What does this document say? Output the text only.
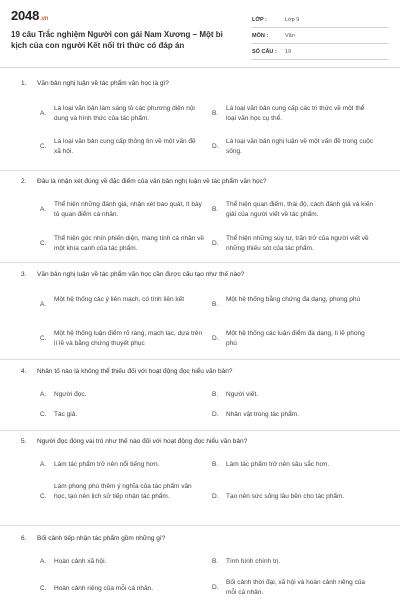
2048.vn
19 câu Trắc nghiệm Người con gái Nam Xương – Một bi kịch của con người Kết nối tri thức có đáp án
LỚP :	Lớp 9
MÔN :	Văn
SỐ CÂU :	19
1. Văn bản nghị luận về tác phẩm văn học là gì?
A.
Là loại văn bản làm sáng tỏ các phương diện nội dung và hình thức của tác phẩm.
B.
Là loại văn bản cung cấp các tri thức về một thể loại văn học cụ thể.
C.
Là loại văn bản cung cấp thông tin về một vấn đề xã hội.
D.
Là loại văn bản nghị luận về một vấn đề trong cuộc sống.
2. Đâu là nhận xét đúng về đặc điểm của văn bản nghị luận về tác phẩm văn học?
A.
Thể hiện những đánh giá, nhận xét bao quát, ít bày tỏ quan điểm cá nhân.
B.
Thể hiện quan điểm, thái độ, cách đánh giá và kiến giải của người viết về tác phẩm.
C.
Thể hiện góc nhìn phiến diện, mang tính cá nhân về một khía cạnh của tác phẩm.
D.
Thể hiện những suy tư, trăn trở của người viết về những thiếu sót của tác phẩm.
3. Văn bản nghị luận về tác phẩm văn học cần được cấu tạo như thế nào?
A.
Một hệ thống các ý liên mạch, có tính liên kết
B.
Một hệ thống bằng chứng đa dạng, phong phú
C.
Một hệ thống luận điểm rõ ràng, mạch lạc, dựa trên lí lẽ và bằng chứng thuyết phục
D.
Một hệ thống các luận điểm đa dạng, lí lẽ phong phú
4. Nhân tố nào là không thể thiếu đối với hoạt động đọc hiểu văn bản?
A. Người đọc.	B. Người viết.
C. Tác giả.	D. Nhân vật trong tác phẩm.
5. Người đọc đóng vai trò như thế nào đối với hoạt động đọc hiểu văn bản?
A. Làm tác phẩm trở nên nổi tiếng hơn.	B. Làm tác phẩm trở nên sâu sắc hơn.
C.
Làm phong phú thêm ý nghĩa của tác phẩm văn học, tạo nên lịch sử tiếp nhận tác phẩm.	D. Tạo nên sức sống lâu bền cho tác phẩm.
6. Bối cảnh tiếp nhận tác phẩm gồm những gì?
A. Hoàn cảnh xã hội.	B. Tình hình chính trị.
C. Hoàn cảnh riêng của mỗi cá nhân.	D.
Bối cảnh thời đại, xã hội và hoàn cảnh riêng của mỗi cá nhân.
